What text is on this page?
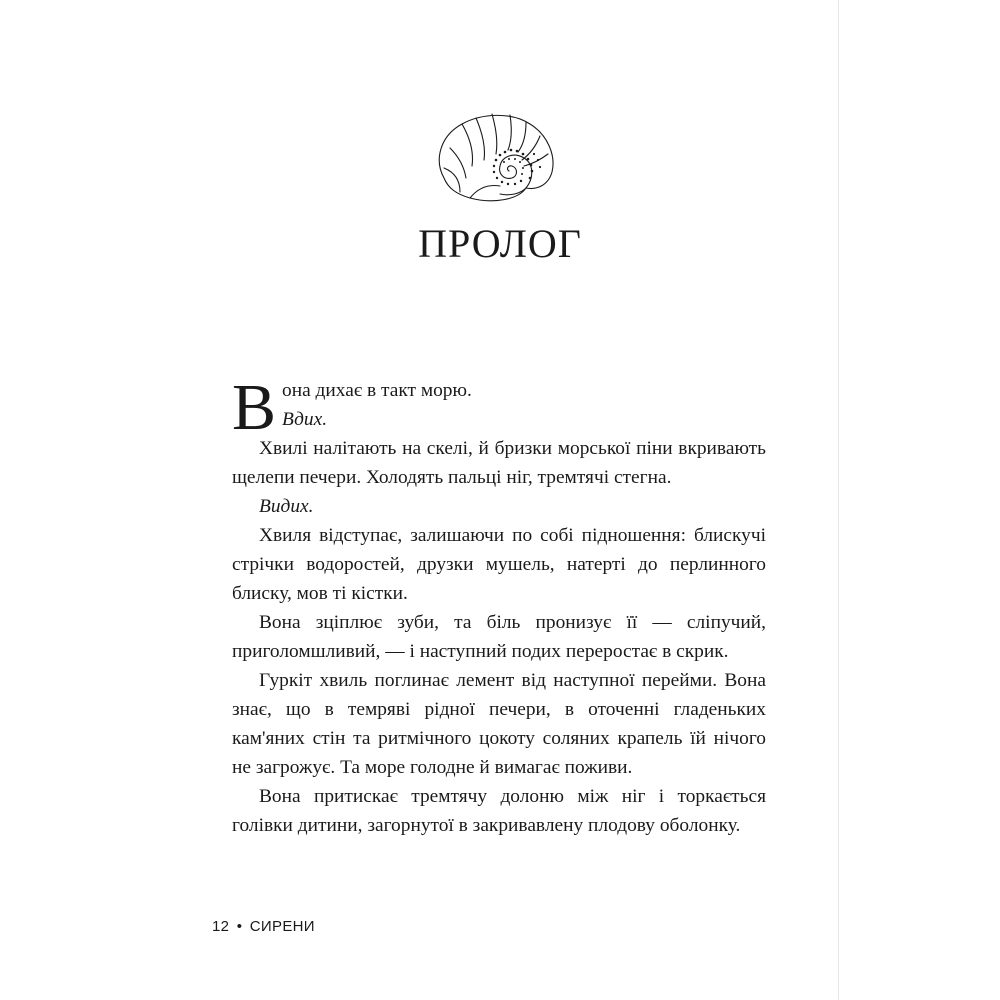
ПРОЛОГ

Вона дихає в такт морю.

Вдих.

Хвилі налітають на скелі, й бризки морської піни вкривають щелепи печери. Холодять пальці ніг, тремтячі стегна.

Видих.

Хвиля відступає, залишаючи по собі підношення: блискучі стрічки водоростей, друзки мушель, натерті до перлинного блиску, мов ті кістки.

Вона зціплює зуби, та біль пронизує її — сліпучий, приголомшливий, — і наступний подих переростає в скрик.

Гуркіт хвиль поглинає лемент від наступної перейми. Вона знає, що в темряві рідної печери, в оточенні гладеньких кам'яних стін та ритмічного цокоту соляних крапель їй нічого не загрожує. Та море голодне й вимагає поживи.

Вона притискає тремтячу долоню між ніг і торкається голівки дитини, загорнутої в закривавлену плодову оболонку.

12 • СИРЕНИ
